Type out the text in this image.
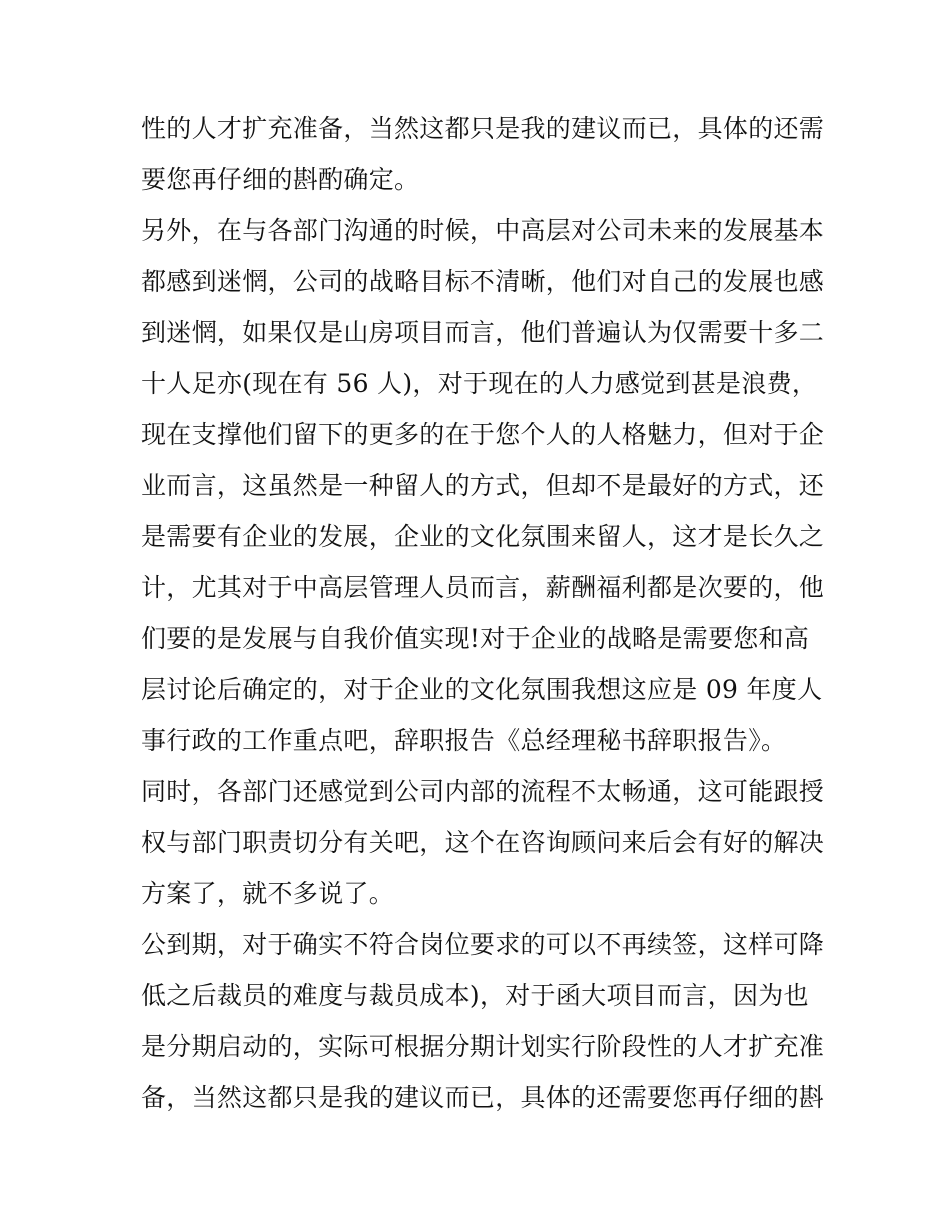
性的人才扩充准备，当然这都只是我的建议而已，具体的还需

要您再仔细的斟酌确定。

另外，在与各部门沟通的时候，中高层对公司未来的发展基本

都感到迷惘，公司的战略目标不清晰，他们对自己的发展也感

到迷惘，如果仅是山房项目而言，他们普遍认为仅需要十多二

十人足亦(现在有 56 人)，对于现在的人力感觉到甚是浪费，

现在支撑他们留下的更多的在于您个人的人格魅力，但对于企

业而言，这虽然是一种留人的方式，但却不是最好的方式，还

是需要有企业的发展，企业的文化氛围来留人，这才是长久之

计，尤其对于中高层管理人员而言，薪酬福利都是次要的，他

们要的是发展与自我价值实现!对于企业的战略是需要您和高

层讨论后确定的，对于企业的文化氛围我想这应是 09 年度人

事行政的工作重点吧，辞职报告《总经理秘书辞职报告》。

同时，各部门还感觉到公司内部的流程不太畅通，这可能跟授

权与部门职责切分有关吧，这个在咨询顾问来后会有好的解决

方案了，就不多说了。

公到期，对于确实不符合岗位要求的可以不再续签，这样可降

低之后裁员的难度与裁员成本)，对于函大项目而言，因为也

是分期启动的，实际可根据分期计划实行阶段性的人才扩充准

备，当然这都只是我的建议而已，具体的还需要您再仔细的斟
